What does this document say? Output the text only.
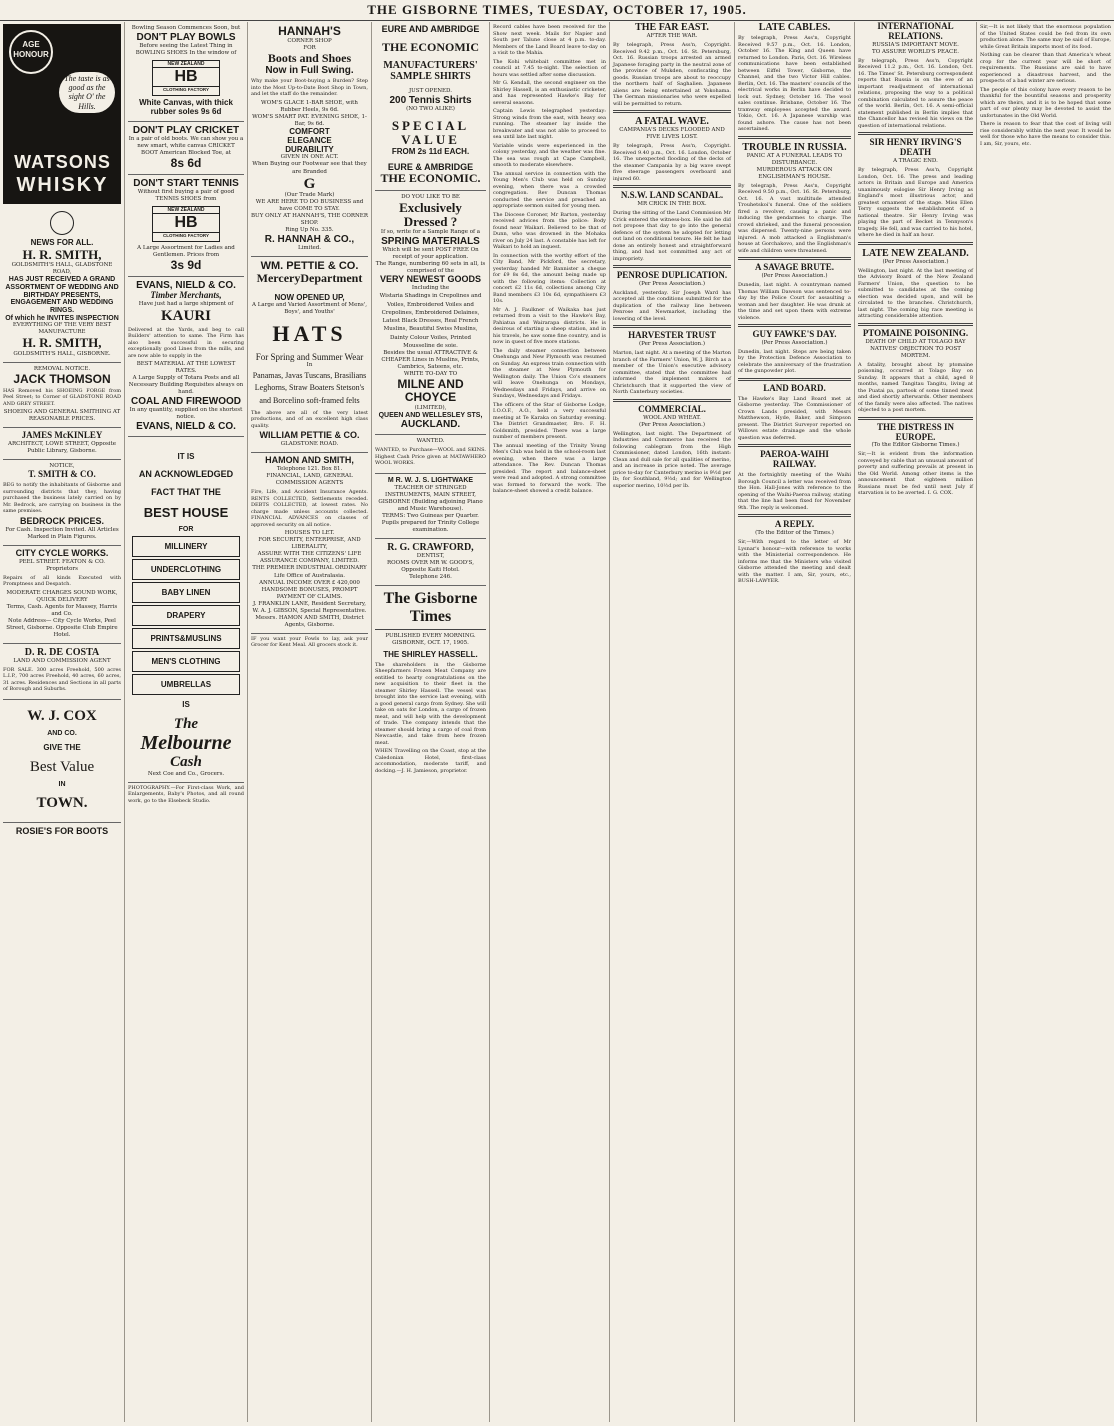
THE GISBORNE TIMES, TUESDAY, OCTOBER 17, 1905.
AGE HONOUR
The taste is as good as the sight O' the Hills.
WATSONS
WHISKY
NEWS FOR ALL.
H. R. SMITH,
GOLDSMITH'S HALL, GLADSTONE ROAD,
HAS JUST RECEIVED A GRAND ASSORTMENT OF WEDDING AND BIRTHDAY PRESENTS, ENGAGEMENT AND WEDDING RINGS.
Of which he INVITES INSPECTION
EVERYTHING OF THE VERY BEST MANUFACTURE
H. R. SMITH,
GOLDSMITH'S HALL, GISBORNE.
REMOVAL NOTICE.
JACK THOMSON
HAS Removed his SHOEING FORGE from Peel Street; to Corner of GLADSTONE ROAD AND GREY STREET.
SHOEING AND GENERAL SMITHING AT REASONABLE PRICES.
JAMES McKINLEY
ARCHITECT, LOWE STREET, Opposite Public Library, Gisborne.
NOTICE,
T. SMITH & CO.
BEG to notify the inhabitants of Gisborne and surrounding districts that they, having purchased the business lately carried on by Mr. Bedrock, are carrying on business in the same premises.
BEDROCK PRICES.
For Cash. Inspection Invited. All Articles Marked in Plain Figures.
CITY CYCLE WORKS.
PEEL STREET. FEATON & CO. Proprietors
Repairs of all kinds Executed with Promptness and Despatch.
MODERATE CHARGES SOUND WORK, QUICK DELIVERY
Terms, Cash. Agents for Massey, Harris and Co.
Note Address— City Cycle Works, Peel Street, Gisborne. Opposite Club Empire Hotel.
D. R. DE COSTA
LAND AND COMMISSION AGENT
FOR SALE. 300 acres Freehold, 500 acres L.I.P., 700 acres Freehold, 40 acres, 60 acres, 31 acres. Residences and Sections in all parts of Borough and Suburbs.
W. J. COX
AND CO.
GIVE THE
Best Value
IN
TOWN.
ROSIE'S FOR BOOTS
Bowling Season Commences Soon, but
DON'T PLAY BOWLS
Before seeing the Latest Thing in BOWLING SHOES In the window of
NEW ZEALAND
HB
CLOTHING FACTORY
White Canvas, with thick rubber soles 9s 6d
DON'T PLAY CRICKET
In a pair of old boots. We can show you a new smart, white canvas CRICKET BOOT American Blocked Toe, at
8s 6d
DON'T START TENNIS
Without first buying a pair of good TENNIS SHOES from
NEW ZEALAND
HB
CLOTHING FACTORY
A Large Assortment for Ladies and Gentlemen. Prices from
3s 9d
EVANS, NIELD & CO.
Timber Merchants,
Have just had a large shipment of
KAURI
Delivered at the Yards, and beg to call Builders' attention to same. The Firm has also been successful in securing exceptionally good Lines from the mills, and are now able to supply in the
BEST MATERIAL AT THE LOWEST RATES.
A Large Supply of Totara Posts and all Necessary Building Requisites always on hand.
COAL AND FIREWOOD
In any quantity, supplied on the shortest notice.
EVANS, NIELD & CO.
IT IS
AN ACKNOWLEDGED
FACT THAT THE
BEST HOUSE
FOR
MILLINERY
UNDERCLOTHING
BABY LINEN
DRAPERY
PRINTS&MUSLINS
MEN'S CLOTHING
UMBRELLAS
IS
The
Melbourne
Cash
Next Coe and Co., Grocers.
PHOTOGRAPHY.—For First-class Work, and Enlargements, Baby's Photos, and all round work, go to the Elsebeck Studio.
HANNAH'S
CORNER SHOP
FOR
Boots and Shoes
Now in Full Swing.
Why make your Boot-buying a Burden? Step into the Most Up-to-Date Boot Shop in Town, and let the staff do the remainder.
WOM'S GLACE 1-BAR SHOE, with Rubber Heels, 9s 6d.
WOM'S SMART PAT. EVENING SHOE, 1-Bar, 9s 6d.
COMFORT
ELEGANCE
DURABILITY
GIVEN IN ONE ACT.
When Buying our Footwear see that they are Branded
G
(Our Trade Mark)
WE ARE HERE TO DO BUSINESS and have COME TO STAY.
BUY ONLY AT HANNAH'S, THE CORNER SHOP.
Ring Up No. 335.
R. HANNAH & CO.,
Limited.
WM. PETTIE & CO.
MerceryDepartment
NOW OPENED UP,
A Large and Varied Assortment of Mens', Boys', and Youths'
HATS
For Spring and Summer Wear
In
Panamas, Javas Tuscans, Brasilians Leghorns, Straw Boaters Stetson's and Borcelino soft-framed felts
The above are all of the very latest productions, and of an excellent high class quality.
WILLIAM PETTIE & CO.
GLADSTONE ROAD.
HAMON AND SMITH,
Telephone 121. Box 81.
FINANCIAL, LAND, GENERAL COMMISSION AGENTS
Fire, Life, and Accident Insurance Agents. RENTS COLLECTED, Settlements receded. DEBTS COLLECTED, at lowest rates. No charge made unless accounts collected. FINANCIAL ADVANCES on classes of approved security on all notice.
HOUSES TO LET.
FOR SECURITY, ENTERPRISE, AND LIBERALITY,
ASSURE WITH THE CITIZENS' LIFE ASSURANCE COMPANY, LIMITED.
THE PREMIER INDUSTRIAL ORDINARY Life Office of Australasia.
ANNUAL INCOME OVER £ 420,000
HANDSOME BONUSES, PROMPT PAYMENT OF CLAIMS.
J. FRANKLIN LANE, Resident Secretary, W. A. J. GIBSON, Special Representative.
Messrs. HAMON AND SMITH, District Agents, Gisborne.
IF you want your Fowls to lay, ask your Grocer for Kent Meal. All grocers stock it.
EURE AND AMBRIDGE
THE ECONOMIC
MANUFACTURERS' SAMPLE SHIRTS
JUST OPENED.
200 Tennis Shirts
(NO TWO ALIKE)
SPECIAL
VALUE
FROM 2s 11d EACH.
EURE & AMBRIDGE
THE ECONOMIC.
DO YOU LIKE TO BE
Exclusively
Dressed ?
If so, write for a Sample Range of a
SPRING MATERIALS
Which will be sent POST FREE On receipt of your application.
The Range, numbering 60 sets in all, is comprised of the
VERY NEWEST GOODS
Including the
Wistaria Shadings in Crepolines and Voiles, Embroidered Voiles and Crepolines, Embroidered Delaines, Latest Black Dresses, Real French Muslins, Beautiful Swiss Muslins, Dainty Colour Voiles, Printed Mousseline de soie.
Besides the usual ATTRACTIVE & CHEAPER Lines in Muslins, Prints, Cambrics, Sateens, etc.
WRITE TO-DAY TO
MILNE AND CHOYCE
(LIMITED),
QUEEN AND WELLESLEY STS,
AUCKLAND.
WANTED.
WANTED, to Purchase—WOOL and SKINS. Highest Cash Price given at MATAWHERO WOOL WORKS.
M R. W. J. S. LIGHTWAKE
TEACHER OF STRINGED INSTRUMENTS, MAIN STREET, GISBORNE (Building adjoining Piano and Music Warehouse).
TERMS: Two Guineas per Quarter.
Pupils prepared for Trinity College examination.
R. G. CRAWFORD,
DENTIST,
ROOMS OVER MR W. GOOD'S, Opposite Kaiti Hotel.
Telephone 246.
The Gisborne Times
PUBLISHED EVERY MORNING.
GISBORNE, OCT. 17, 1905.
THE SHIRLEY HASSELL.
The shareholders in the Gisborne Sheepfarmers Frozen Meat Company are entitled to hearty congratulations on the new acquisition to their fleet in the steamer Shirley Hassell. The vessel was brought into the service last evening, with a good general cargo from Sydney. She will take on oats for London, a cargo of frozen meat, and will help with the development of trade. The company intends that the steamer should bring a cargo of coal from Newcastle, and take from here frozen meat.
WHEN Travelling on the Coast, stop at the Caledonian Hotel, first-class accommodation, moderate tariff, and docking.—J. H. Jamieson, proprietor.
Record cables have been received for the Show next week. Mails for Napier and South per Talune close at 4 p.m. to-day. Members of the Land Board leave to-day on a visit to the Mahia.
The Kohi whitebait committee met in council at 7.45 to-night. The selection of hours was settled after some discussion.
Mr G. Kendall, the second engineer on the Shirley Hassell, is an enthusiastic cricketer, and has represented Hawke's Bay for several seasons.
Captain Lewis telegraphed yesterday: Strong winds from the east, with heavy sea running. The steamer lay inside the breakwater and was not able to proceed to sea until late last night.
Variable winds were experienced in the colony yesterday, and the weather was fine. The sea was rough at Cape Campbell, smooth to moderate elsewhere.
The annual service in connection with the Young Men's Club was held on Sunday evening, when there was a crowded congregation. Rev Duncan Thomas conducted the service and preached an appropriate sermon suited for young men.
The Diocese Coroner, Mr Barton, yesterday received advices from the police: Body found near Waikari. Believed to be that of Dunn, who was drowned in the Mohaka river on July 24 last. A constable has left for Waikari to hold an inquest.
In connection with the worthy effort of the City Band, Mr Pickford, the secretary, yesterday handed Mr Bannister a cheque for £9 8s 6d, the amount being made up with the following items: Collection at concert £2 11s 6d, collections among City Band members £3 10s 6d, sympathisers £3 10s.
Mr A. J. Faulkner of Waikaka has just returned from a visit to the Hawke's Bay, Pahiatua and Wairarapa districts. He is desirous of starting a sheep station, and in his travels, he saw some fine country, and is now in quest of five more stations.
The daily steamer connection between Onehunga and New Plymouth was resumed on Sunday. An express train connection with the steamer at New Plymouth for Wellington daily. The Union Co's steamers will leave Onehunga on Mondays, Wednesdays and Fridays, and arrive on Sundays, Wednesdays and Fridays.
The officers of the Star of Gisborne Lodge, I.O.O.F., A.O., held a very successful meeting at Te Karaka on Saturday evening. The District Grandmaster, Bro. F. H. Goldsmith, presided. There was a large number of members present.
The annual meeting of the Trinity Young Men's Club was held in the school-room last evening, when there was a large attendance. The Rev. Duncan Thomas presided. The report and balance-sheet were read and adopted. A strong committee was formed to forward the work. The balance-sheet showed a credit balance.
THE FAR EAST.
AFTER THE WAR.
By telegraph, Press Ass'n, Copyright. Received 9.42 p.m., Oct. 16. St. Petersburg, Oct. 16. Russian troops arrested an armed Japanese foraging party in the neutral zone of the province of Mukden, confiscating the goods. Russian troops are about to reoccupy the northern half of Saghalien. Japanese aliens are being entertained at Yokohama. The German missionaries who were expelled will be permitted to return.
A FATAL WAVE.
CAMPANIA'S DECKS FLOODED AND FIVE LIVES LOST.
By telegraph, Press Ass'n, Copyright. Received 9.40 p.m., Oct. 16. London, October 16. The unexpected flooding of the decks of the steamer Campania by a big wave swept five steerage passengers overboard and injured 60.
N.S.W. LAND SCANDAL.
MR CRICK IN THE BOX.
During the sitting of the Land Commission Mr Crick entered the witness-box. He said he did not propose that day to go into the general defence of the system he adopted for letting out land on conditional tenure. He felt he had done an entirely honest and straightforward thing, and had not committed any act of impropriety.
PENROSE DUPLICATION.
(Per Press Association.)
Auckland, yesterday. Sir Joseph Ward has accepted all the conditions submitted for the duplication of the railway line between Penrose and Newmarket, including the lowering of the level.
HARVESTER TRUST
(Per Press Association.)
Marton, last night. At a meeting of the Marton branch of the Farmers' Union, W. J. Birch as a member of the Union's executive advisory committee, stated that the committee had informed the implement makers of Christchurch that it supported the view of North Canterbury societies.
COMMERCIAL.
WOOL AND WHEAT.
(Per Press Association.)
Wellington, last night. The Department of Industries and Commerce has received the following cablegram from the High Commissioner, dated London, 16th instant: Clean and dull sale for all qualities of merino, and an increase in price noted. The average price to-day for Canterbury merino is 9½d per lb; for Southland, 9½d; and for Wellington superior merino, 10½d per lb.
LATE CABLES.
By telegraph, Press Ass'n, Copyright Received 9.57 p.m., Oct. 16. London, October 16. The King and Queen have returned to London. Paris, Oct. 16. Wireless communications have been established between Eiffel Tower, Gisborne, the Channel, and the two Victor Hill cables. Berlin, Oct. 16. The masters' councils of the electrical works in Berlin have decided to lock out. Sydney, October 16. The wool sales continue. Brisbane, October 16. The tramway employees accepted the award. Tokio, Oct. 16. A Japanese warship was found ashore. The cause has not been ascertained.
TROUBLE IN RUSSIA.
PANIC AT A FUNERAL LEADS TO DISTURBANCE.
MURDEROUS ATTACK ON ENGLISHMAN'S HOUSE.
By telegraph, Press Ass'n, Copyright Received 9.50 p.m., Oct. 16. St. Petersburg, Oct. 16. A vast multitude attended Trouhetskoi's funeral. One of the soldiers fired a revolver, causing a panic and inducing the gendarmes to charge. The crowd shrieked, and the funeral procession was dispersed. Twenty-nine persons were injured. A mob attacked a Englishman's house at Gorchakovo, and the Englishman's wife and children were threatened.
A SAVAGE BRUTE.
(Per Press Association.)
Dunedin, last night. A countryman named Thomas William Dawson was sentenced to-day by the Police Court for assaulting a woman and her daughter. He was drunk at the time and set upon them with extreme violence.
GUY FAWKE'S DAY.
(Per Press Association.)
Dunedin, last night. Steps are being taken by the Protection Defence Association to celebrate the anniversary of the frustration of the gunpowder plot.
LAND BOARD.
The Hawke's Bay Land Board met at Gisborne yesterday. The Commissioner of Crown Lands presided, with Messrs Matthewson, Hyde, Baker, and Simpson present. The District Surveyor reported on Willows estate drainage and the whole question was deferred.
PAEROA-WAIHI RAILWAY.
At the fortnightly meeting of the Waihi Borough Council a letter was received from the Hon. Hall-Jones with reference to the opening of the Waihi-Paeroa railway, stating that the line had been fixed for November 9th. The reply is welcomed.
A REPLY.
(To the Editor of the Times.)
Sir,—With regard to the letter of Mr Lysnar's honour—with reference to works with the Ministerial correspondence. He informs me that the Ministers who visited Gisborne attended the meeting and dealt with the matter. I am, Sir, yours, etc., BUSH-LAWYER.
INTERNATIONAL RELATIONS.
RUSSIA'S IMPORTANT MOVE.
TO ASSURE WORLD'S PEACE.
By telegraph, Press Ass'n, Copyright Received 11.2 p.m., Oct. 16. London, Oct. 16. The Times' St. Petersburg correspondent reports that Russia is on the eve of an important readjustment of international relations, proposing the way to a political combination calculated to assure the peace of the world. Berlin, Oct. 16. A semi-official statement published in Berlin implies that the Chancellor has revised his views on the question of international relations.
SIR HENRY IRVING'S DEATH
A TRAGIC END.
By telegraph, Press Ass'n, Copyright London, Oct. 16. The press and leading actors in Britain and Europe and America unanimously eulogise Sir Henry Irving as England's most illustrious actor, and greatest ornament of the stage. Miss Ellen Terry suggests the establishment of a national theatre. Sir Henry Irving was playing the part of Becket in Tennyson's tragedy. He fell, and was carried to his hotel, where he died in half an hour.
LATE NEW ZEALAND.
(Per Press Association.)
Wellington, last night. At the last meeting of the Advisory Board of the New Zealand Farmers' Union, the question to be submitted to candidates at the coming election was decided upon, and will be circulated to the branches. Christchurch, last night. The coming big race meeting is attracting considerable attention.
PTOMAINE POISONING.
DEATH OF CHILD AT TOLAGO BAY
NATIVES' OBJECTION TO POST MORTEM.
A fatality, brought about by ptomaine poisoning, occurred at Tolago Bay on Sunday. It appears that a child, aged 8 months, named Tangitau Tangitu, living at the Puatai pa, partook of some tinned meat and died shortly afterwards. Other members of the family were also affected. The natives objected to a post mortem.
THE DISTRESS IN EUROPE.
(To the Editor Gisborne Times.)
Sir,—It is evident from the information conveyed by cable that an unusual amount of poverty and suffering prevails at present in the Old World. Among other items is the announcement that eighteen million Russians must be fed until next July if starvation is to be averted. I. G. COX.
Sir,—It is not likely that the enormous population of the United States could be fed from its own production alone. The same may be said of Europe, while Great Britain imports most of its food.
Nothing can be clearer than that America's wheat crop for the current year will be short of requirements. The Russians are said to have experienced a disastrous harvest, and the prospects of a bad winter are serious.
The people of this colony have every reason to be thankful for the bountiful seasons and prosperity which are theirs, and it is to be hoped that some part of our plenty may be devoted to assist the unfortunates in the Old World.
There is reason to fear that the cost of living will rise considerably within the next year. It would be well for those who have the means to consider this. I am, Sir, yours, etc.
